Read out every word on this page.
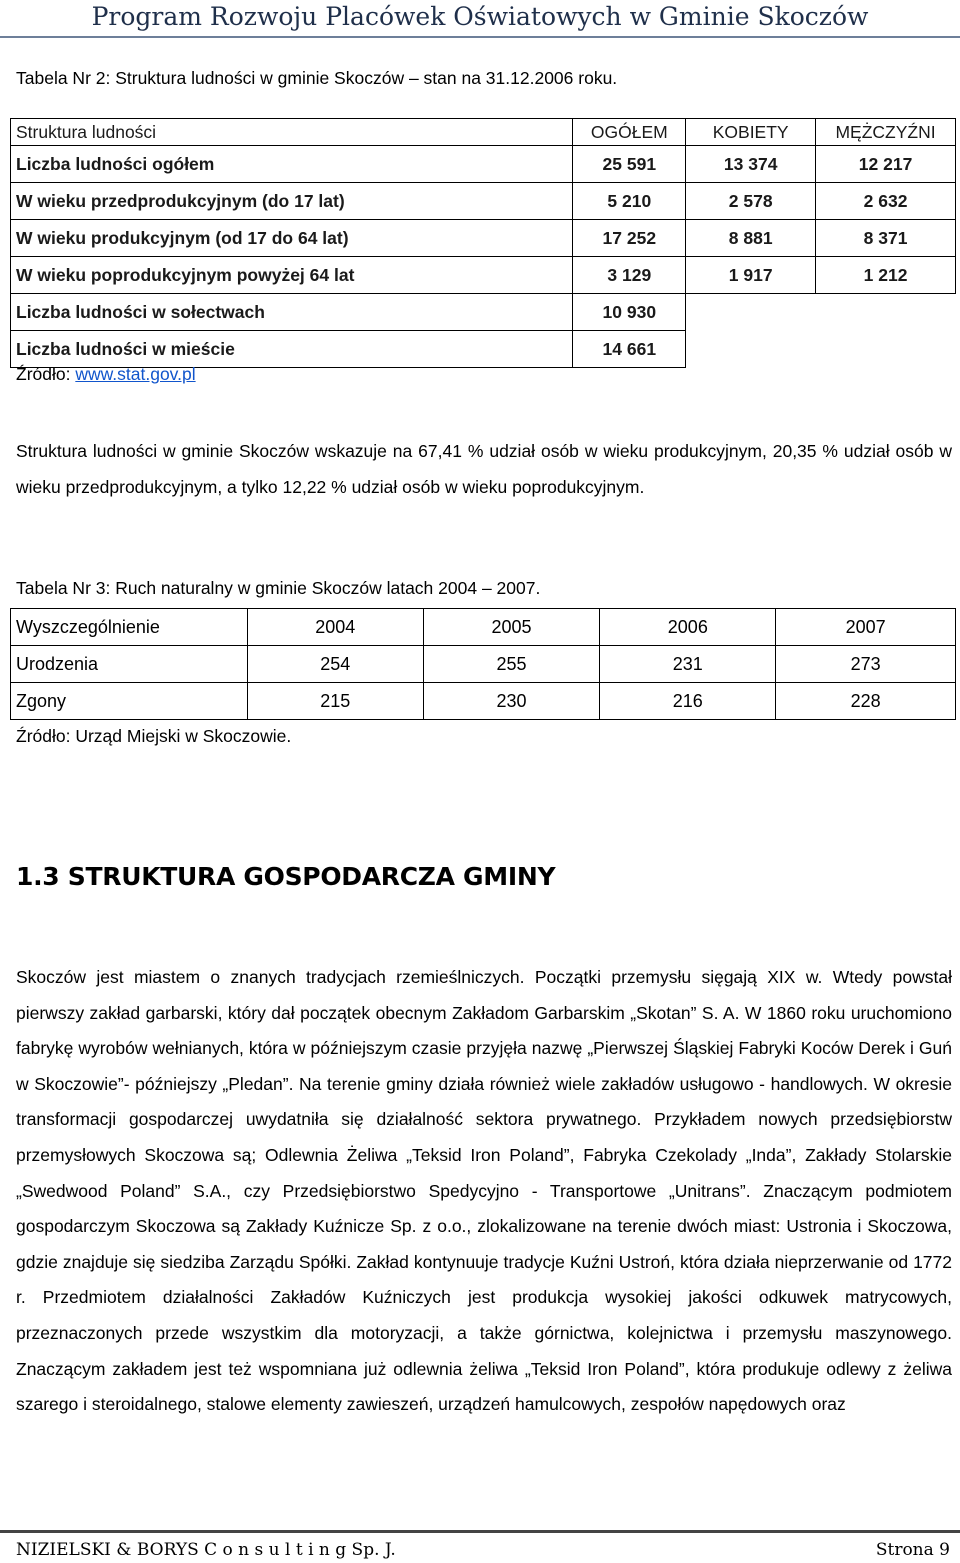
Program Rozwoju Placówek Oświatowych w Gminie Skoczów
Tabela Nr 2: Struktura ludności w gminie Skoczów – stan na 31.12.2006 roku.
Struktura ludności	OGÓŁEM	KOBIETY	MĘŻCZYŹNI
Liczba ludności ogółem	25 591	13 374	12 217
W wieku przedprodukcyjnym (do 17 lat)	5 210	2 578	2 632
W wieku produkcyjnym (od 17 do 64 lat)	17 252	8 881	8 371
W wieku poprodukcyjnym powyżej 64 lat	3 129	1 917	1 212
Liczba ludności w sołectwach	10 930		
Liczba ludności w mieście	14 661		
Źródło: www.stat.gov.pl
Struktura ludności w gminie Skoczów wskazuje na 67,41 % udział osób w wieku produkcyjnym, 20,35 % udział osób w wieku przedprodukcyjnym, a tylko 12,22 % udział osób w wieku poprodukcyjnym.
Tabela Nr 3: Ruch naturalny w gminie Skoczów latach 2004 – 2007.
Wyszczególnienie	2004	2005	2006	2007
Urodzenia	254	255	231	273
Zgony	215	230	216	228
Źródło: Urząd Miejski w Skoczowie.
1.3 STRUKTURA GOSPODARCZA GMINY
Skoczów jest miastem o znanych tradycjach rzemieślniczych. Początki przemysłu sięgają XIX w. Wtedy powstał pierwszy zakład garbarski, który dał początek obecnym Zakładom Garbarskim „Skotan” S. A. W 1860 roku uruchomiono fabrykę wyrobów wełnianych, która w późniejszym czasie przyjęła nazwę „Pierwszej Śląskiej Fabryki Koców Derek i Guń w Skoczowie”- późniejszy „Pledan”. Na terenie gminy działa również wiele zakładów usługowo - handlowych. W okresie transformacji gospodarczej uwydatniła się działalność sektora prywatnego. Przykładem nowych przedsiębiorstw przemysłowych Skoczowa są; Odlewnia Żeliwa „Teksid Iron Poland”, Fabryka Czekolady „Inda”, Zakłady Stolarskie „Swedwood Poland” S.A., czy Przedsiębiorstwo Spedycyjno - Transportowe „Unitrans”. Znaczącym podmiotem gospodarczym Skoczowa są Zakłady Kuźnicze Sp. z o.o., zlokalizowane na terenie dwóch miast: Ustronia i Skoczowa, gdzie znajduje się siedziba Zarządu Spółki. Zakład kontynuuje tradycje Kuźni Ustroń, która działa nieprzerwanie od 1772 r. Przedmiotem działalności Zakładów Kuźniczych jest produkcja wysokiej jakości odkuwek matrycowych, przeznaczonych przede wszystkim dla motoryzacji, a także górnictwa, kolejnictwa i przemysłu maszynowego. Znaczącym zakładem jest też wspomniana już odlewnia żeliwa „Teksid Iron Poland”, która produkuje odlewy z żeliwa szarego i steroidalnego, stalowe elementy zawieszeń, urządzeń hamulcowych, zespołów napędowych oraz
NIZIELSKI & BORYS C o n s u l t i n g Sp. J.	Strona 9
